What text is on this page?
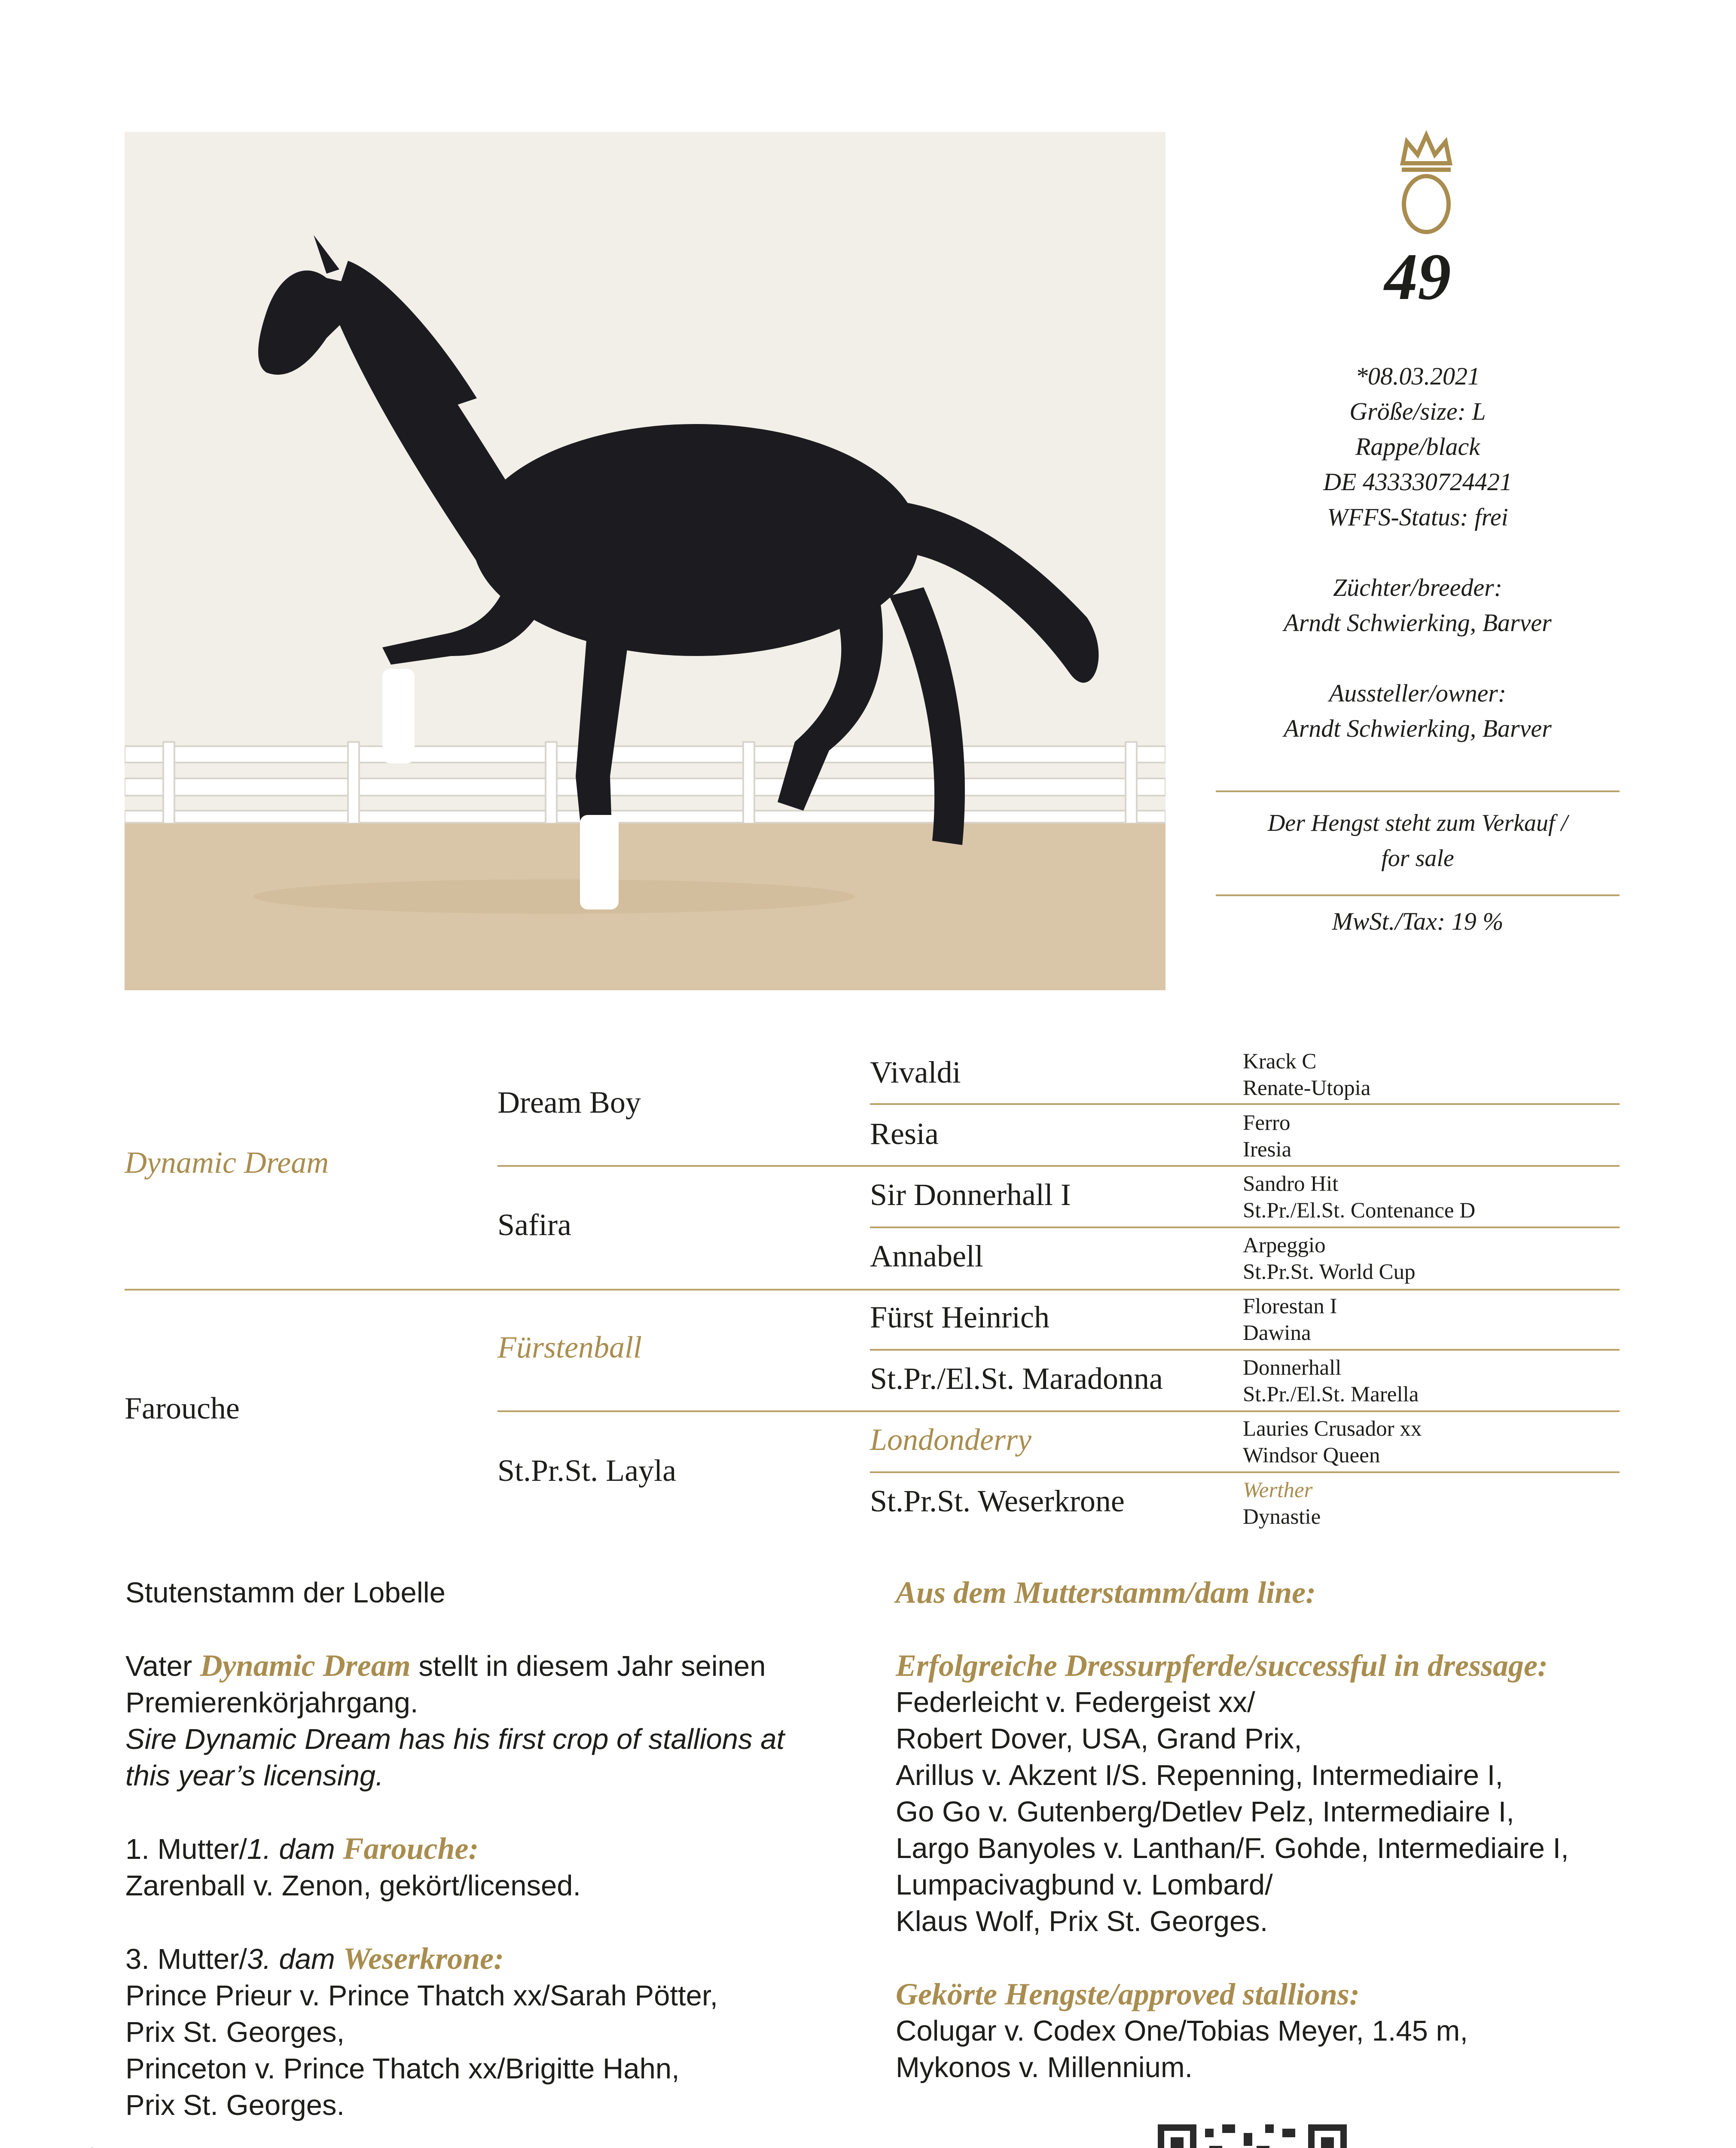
49
*08.03.2021
Größe/size: L
Rappe/black
DE 433330724421
WFFS-Status: frei
Züchter/breeder:
Arndt Schwierking, Barver
Aussteller/owner:
Arndt Schwierking, Barver
Der Hengst steht zum Verkauf /
for sale
MwSt./Tax: 19 %
Dynamic Dream
Farouche
Dream Boy
Safira
Fürstenball
St.Pr.St. Layla
Vivaldi
Resia
Sir Donnerhall I
Annabell
Fürst Heinrich
St.Pr./El.St. Maradonna
Londonderry
St.Pr.St. Weserkrone
Krack C
Renate-Utopia
Ferro
Iresia
Sandro Hit
St.Pr./El.St. Contenance D
Arpeggio
St.Pr.St. World Cup
Florestan I
Dawina
Donnerhall
St.Pr./El.St. Marella
Lauries Crusador xx
Windsor Queen
Werther
Dynastie

Stutenstamm der Lobelle

Vater Dynamic Dream stellt in diesem Jahr seinen

Premierenkörjahrgang.

Sire Dynamic Dream has his first crop of stallions at

this year’s licensing.

1. Mutter/1. dam Farouche:

Zarenball v. Zenon, gekört/licensed.

3. Mutter/3. dam Weserkrone:

Prince Prieur v. Prince Thatch xx/Sarah Pötter,

Prix St. Georges,

Princeton v. Prince Thatch xx/Brigitte Hahn,

Prix St. Georges.

Aus dem Mutterstamm/dam line:

Erfolgreiche Dressurpferde/successful in dressage:

Federleicht v. Federgeist xx/

Robert Dover, USA, Grand Prix,

Arillus v. Akzent I/S. Repenning, Intermediaire I,

Go Go v. Gutenberg/Detlev Pelz, Intermediaire I,

Largo Banyoles v. Lanthan/F. Gohde, Intermediaire I,

Lumpacivagbund v. Lombard/

Klaus Wolf, Prix St. Georges.

Gekörte Hengste/approved stallions:

Colugar v. Codex One/Tobias Meyer, 1.45 m,

Mykonos v. Millennium.
